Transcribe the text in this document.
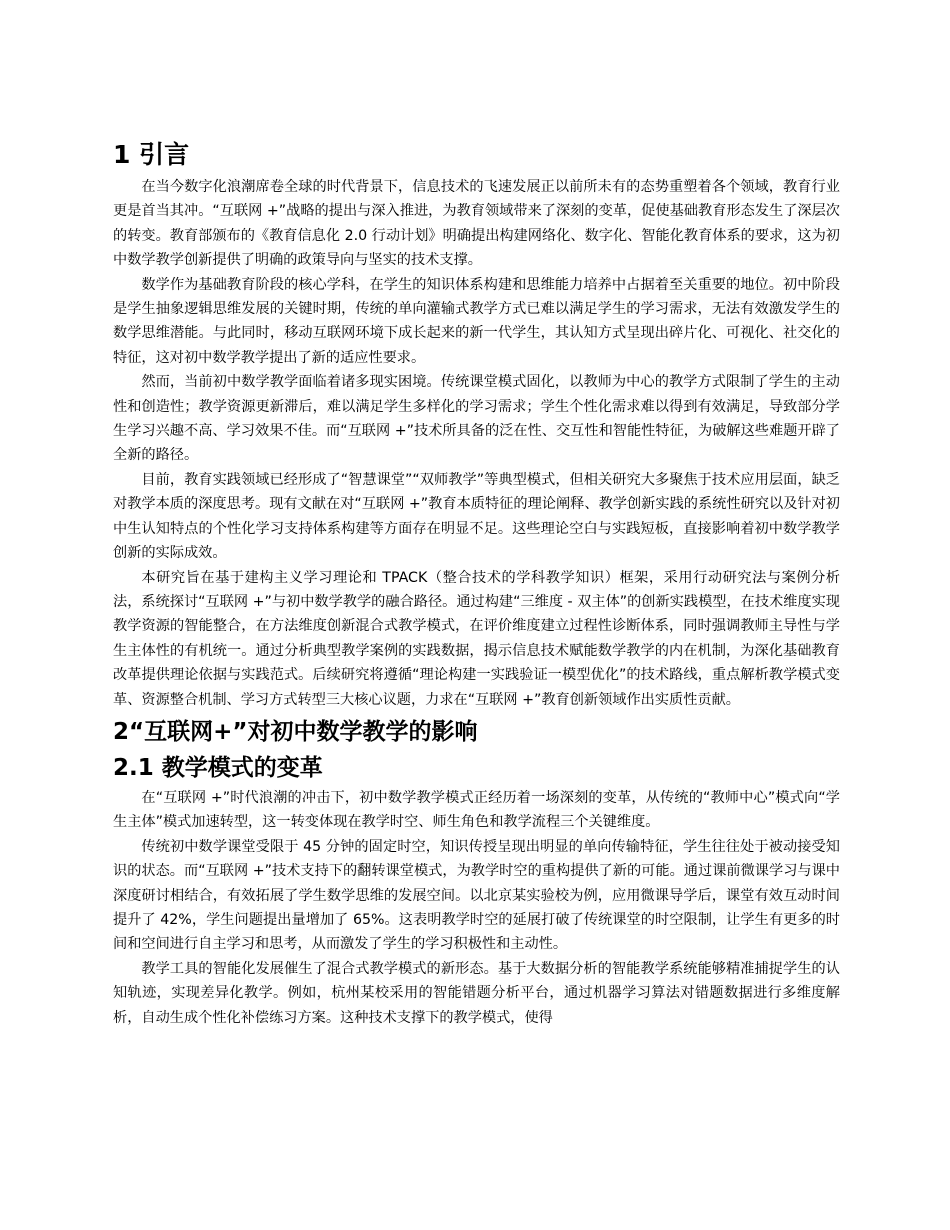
1 引言

在当今数字化浪潮席卷全球的时代背景下，信息技术的飞速发展正以前所未有的态势重塑着各个领域，教育行业更是首当其冲。“互联网 +”战略的提出与深入推进，为教育领域带来了深刻的变革，促使基础教育形态发生了深层次的转变。教育部颁布的《教育信息化 2.0 行动计划》明确提出构建网络化、数字化、智能化教育体系的要求，这为初中数学教学创新提供了明确的政策导向与坚实的技术支撑。

数学作为基础教育阶段的核心学科，在学生的知识体系构建和思维能力培养中占据着至关重要的地位。初中阶段是学生抽象逻辑思维发展的关键时期，传统的单向灌输式教学方式已难以满足学生的学习需求，无法有效激发学生的数学思维潜能。与此同时，移动互联网环境下成长起来的新一代学生，其认知方式呈现出碎片化、可视化、社交化的特征，这对初中数学教学提出了新的适应性要求。

然而，当前初中数学教学面临着诸多现实困境。传统课堂模式固化，以教师为中心的教学方式限制了学生的主动性和创造性；教学资源更新滞后，难以满足学生多样化的学习需求；学生个性化需求难以得到有效满足，导致部分学生学习兴趣不高、学习效果不佳。而“互联网 +”技术所具备的泛在性、交互性和智能性特征，为破解这些难题开辟了全新的路径。

目前，教育实践领域已经形成了“智慧课堂”“双师教学”等典型模式，但相关研究大多聚焦于技术应用层面，缺乏对教学本质的深度思考。现有文献在对“互联网 +”教育本质特征的理论阐释、教学创新实践的系统性研究以及针对初中生认知特点的个性化学习支持体系构建等方面存在明显不足。这些理论空白与实践短板，直接影响着初中数学教学创新的实际成效。

本研究旨在基于建构主义学习理论和 TPACK（整合技术的学科教学知识）框架，采用行动研究法与案例分析法，系统探讨“互联网 +”与初中数学教学的融合路径。通过构建“三维度 - 双主体”的创新实践模型，在技术维度实现教学资源的智能整合，在方法维度创新混合式教学模式，在评价维度建立过程性诊断体系，同时强调教师主导性与学生主体性的有机统一。通过分析典型教学案例的实践数据，揭示信息技术赋能数学教学的内在机制，为深化基础教育改革提供理论依据与实践范式。后续研究将遵循“理论构建一实践验证一模型优化”的技术路线，重点解析教学模式变革、资源整合机制、学习方式转型三大核心议题，力求在“互联网 +”教育创新领域作出实质性贡献。

2“互联网+”对初中数学教学的影响
2.1 教学模式的变革

在“互联网 +”时代浪潮的冲击下，初中数学教学模式正经历着一场深刻的变革，从传统的“教师中心”模式向“学生主体”模式加速转型，这一转变体现在教学时空、师生角色和教学流程三个关键维度。

传统初中数学课堂受限于 45 分钟的固定时空，知识传授呈现出明显的单向传输特征，学生往往处于被动接受知识的状态。而“互联网 +”技术支持下的翻转课堂模式，为教学时空的重构提供了新的可能。通过课前微课学习与课中深度研讨相结合，有效拓展了学生数学思维的发展空间。以北京某实验校为例，应用微课导学后，课堂有效互动时间提升了 42%，学生问题提出量增加了 65%。这表明教学时空的延展打破了传统课堂的时空限制，让学生有更多的时间和空间进行自主学习和思考，从而激发了学生的学习积极性和主动性。

教学工具的智能化发展催生了混合式教学模式的新形态。基于大数据分析的智能教学系统能够精准捕捉学生的认知轨迹，实现差异化教学。例如，杭州某校采用的智能错题分析平台，通过机器学习算法对错题数据进行多维度解析，自动生成个性化补偿练习方案。这种技术支撑下的教学模式，使得
